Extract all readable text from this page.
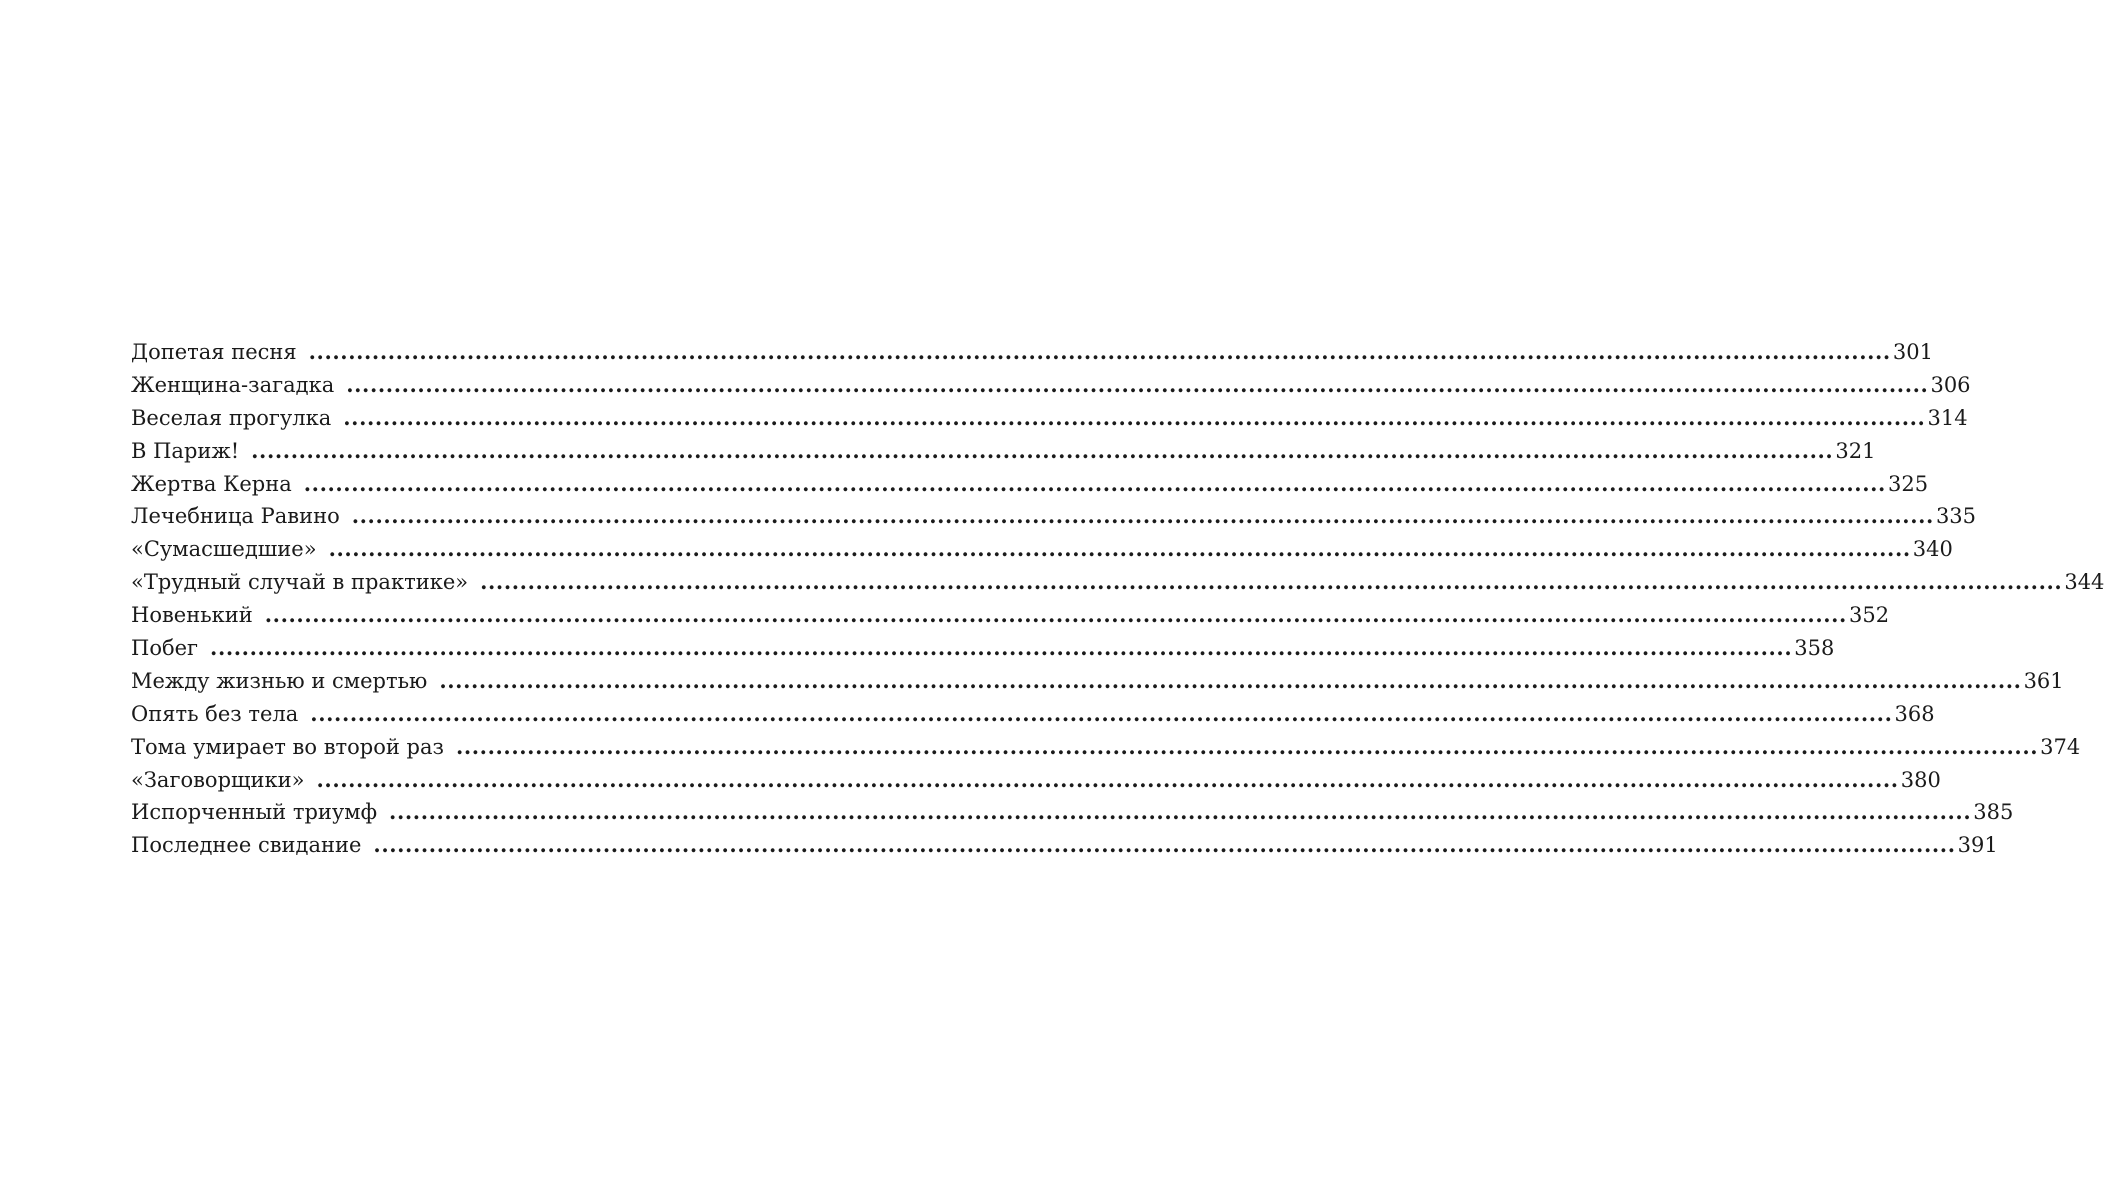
Допетая песня ........................................................................................................................................................................................................ 301
Женщина-загадка ........................................................................................................................................................................................................ 306
Веселая прогулка ........................................................................................................................................................................................................ 314
В Париж! ........................................................................................................................................................................................................ 321
Жертва Керна ........................................................................................................................................................................................................ 325
Лечебница Равино ........................................................................................................................................................................................................ 335
«Сумасшедшие» ........................................................................................................................................................................................................ 340
«Трудный случай в практике» ........................................................................................................................................................................................................ 344
Новенький ........................................................................................................................................................................................................ 352
Побег ........................................................................................................................................................................................................ 358
Между жизнью и смертью ........................................................................................................................................................................................................ 361
Опять без тела ........................................................................................................................................................................................................ 368
Тома умирает во второй раз ........................................................................................................................................................................................................ 374
«Заговорщики» ........................................................................................................................................................................................................ 380
Испорченный триумф ........................................................................................................................................................................................................ 385
Последнее свидание ........................................................................................................................................................................................................ 391
